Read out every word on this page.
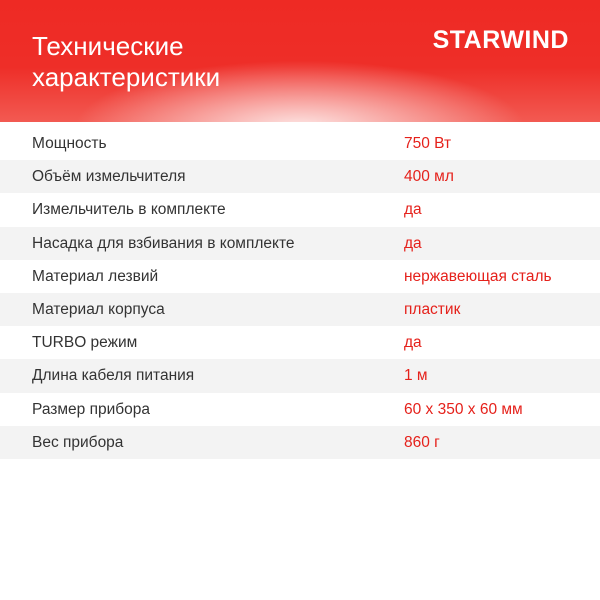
Технические
характеристики
STARWIND
Мощность	750 Вт
Объём измельчителя	400 мл
Измельчитель в комплекте	да
Насадка для взбивания в комплекте	да
Материал лезвий	нержавеющая сталь
Материал корпуса	пластик
TURBO режим	да
Длина кабеля питания	1 м
Размер прибора	60 x 350 x 60 мм
Вес прибора	860 г
